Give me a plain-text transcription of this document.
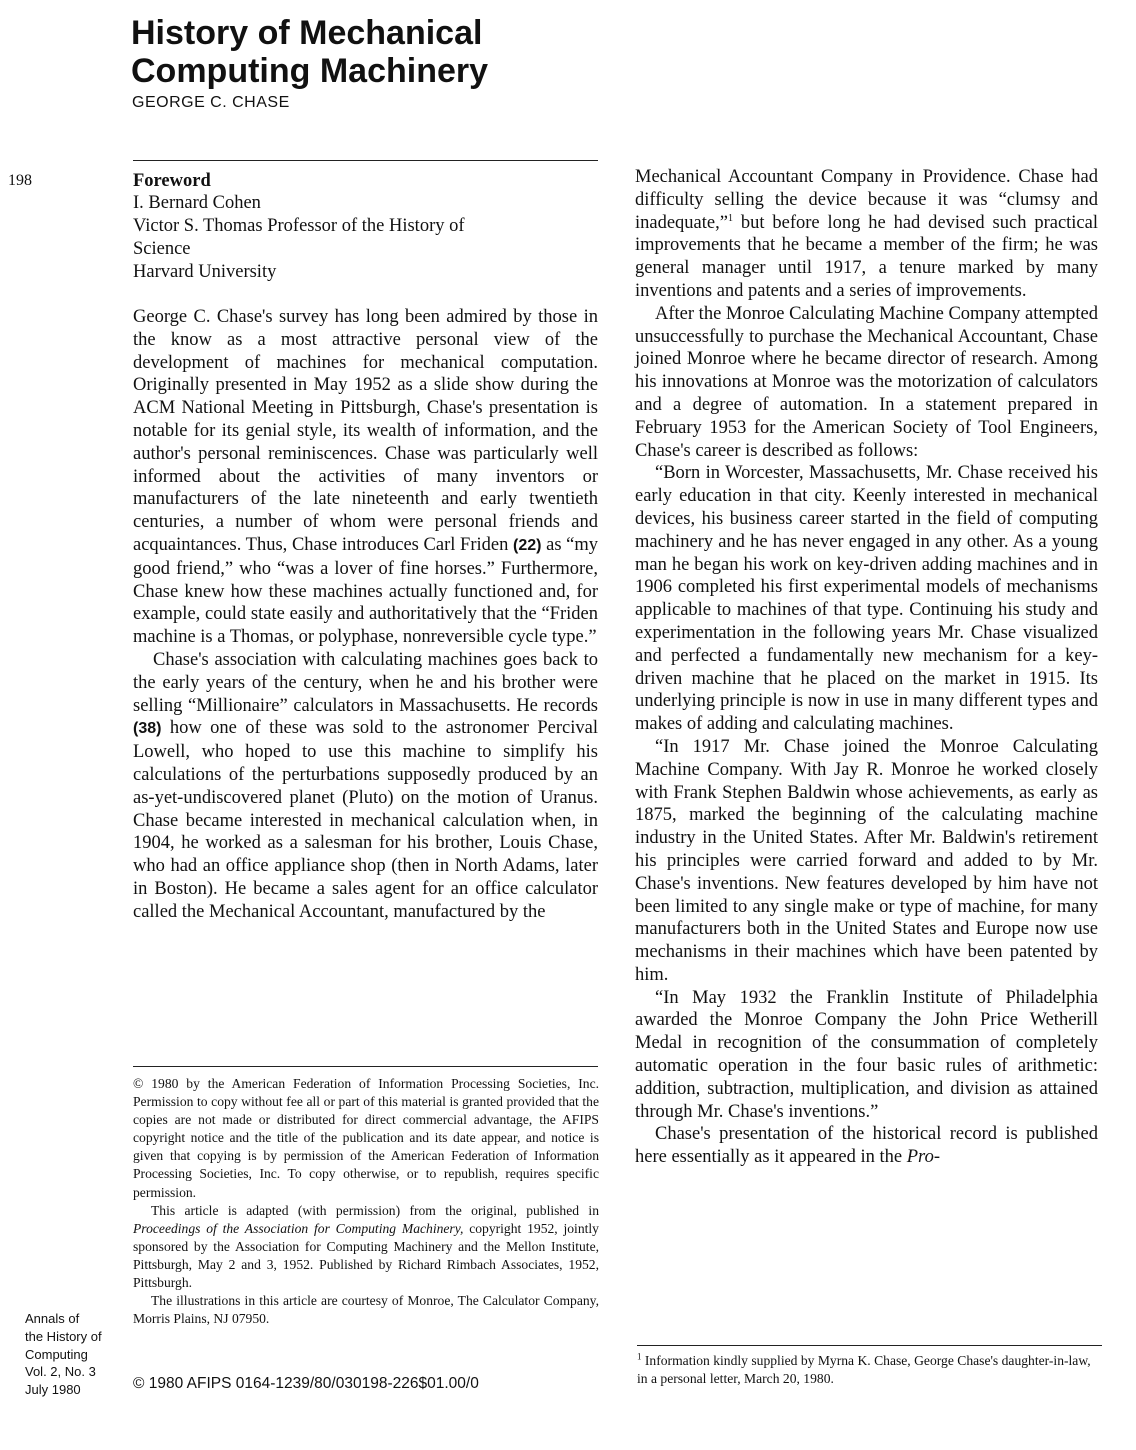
History of Mechanical Computing Machinery
GEORGE C. CHASE
198	Foreword
I. Bernard Cohen
Victor S. Thomas Professor of the History of
Science
Harvard University

George C. Chase's survey has long been admired by those in the know as a most attractive personal view of the development of machines for mechanical computation. Originally presented in May 1952 as a slide show during the ACM National Meeting in Pittsburgh, Chase's presentation is notable for its genial style, its wealth of information, and the author's personal reminiscences. Chase was particularly well informed about the activities of many inventors or manufacturers of the late nineteenth and early twentieth centuries, a number of whom were personal friends and acquaintances. Thus, Chase introduces Carl Friden (22) as “my good friend,” who “was a lover of fine horses.” Furthermore, Chase knew how these machines actually functioned and, for example, could state easily and authoritatively that the “Friden machine is a Thomas, or polyphase, nonreversible cycle type.”

Chase's association with calculating machines goes back to the early years of the century, when he and his brother were selling “Millionaire” calculators in Massachusetts. He records (38) how one of these was sold to the astronomer Percival Lowell, who hoped to use this machine to simplify his calculations of the perturbations supposedly produced by an as-yet-undiscovered planet (Pluto) on the motion of Uranus. Chase became interested in mechanical calculation when, in 1904, he worked as a salesman for his brother, Louis Chase, who had an office appliance shop (then in North Adams, later in Boston). He became a sales agent for an office calculator called the Mechanical Accountant, manufactured by the

© 1980 by the American Federation of Information Processing Societies, Inc. Permission to copy without fee all or part of this material is granted provided that the copies are not made or distributed for direct commercial advantage, the AFIPS copyright notice and the title of the publication and its date appear, and notice is given that copying is by permission of the American Federation of Information Processing Societies, Inc. To copy otherwise, or to republish, requires specific permission.

This article is adapted (with permission) from the original, published in Proceedings of the Association for Computing Machinery, copyright 1952, jointly sponsored by the Association for Computing Machinery and the Mellon Institute, Pittsburgh, May 2 and 3, 1952. Published by Richard Rimbach Associates, 1952, Pittsburgh.

The illustrations in this article are courtesy of Monroe, The Calculator Company, Morris Plains, NJ 07950.

© 1980 AFIPS 0164-1239/80/030198-226$01.00/0
Annals of
the History of
Computing
Vol. 2, No. 3
July 1980

Mechanical Accountant Company in Providence. Chase had difficulty selling the device because it was “clumsy and inadequate,”$^1$ but before long he had devised such practical improvements that he became a member of the firm; he was general manager until 1917, a tenure marked by many inventions and patents and a series of improvements.

After the Monroe Calculating Machine Company attempted unsuccessfully to purchase the Mechanical Accountant, Chase joined Monroe where he became director of research. Among his innovations at Monroe was the motorization of calculators and a degree of automation. In a statement prepared in February 1953 for the American Society of Tool Engineers, Chase's career is described as follows:

“Born in Worcester, Massachusetts, Mr. Chase received his early education in that city. Keenly interested in mechanical devices, his business career started in the field of computing machinery and he has never engaged in any other. As a young man he began his work on key-driven adding machines and in 1906 completed his first experimental models of mechanisms applicable to machines of that type. Continuing his study and experimentation in the following years Mr. Chase visualized and perfected a fundamentally new mechanism for a key-driven machine that he placed on the market in 1915. Its underlying principle is now in use in many different types and makes of adding and calculating machines.

“In 1917 Mr. Chase joined the Monroe Calculating Machine Company. With Jay R. Monroe he worked closely with Frank Stephen Baldwin whose achievements, as early as 1875, marked the beginning of the calculating machine industry in the United States. After Mr. Baldwin's retirement his principles were carried forward and added to by Mr. Chase's inventions. New features developed by him have not been limited to any single make or type of machine, for many manufacturers both in the United States and Europe now use mechanisms in their machines which have been patented by him.

“In May 1932 the Franklin Institute of Philadelphia awarded the Monroe Company the John Price Wetherill Medal in recognition of the consummation of completely automatic operation in the four basic rules of arithmetic: addition, subtraction, multiplication, and division as attained through Mr. Chase's inventions.”

Chase's presentation of the historical record is published here essentially as it appeared in the Pro-

$^1$ Information kindly supplied by Myrna K. Chase, George Chase's daughter-in-law, in a personal letter, March 20, 1980.
